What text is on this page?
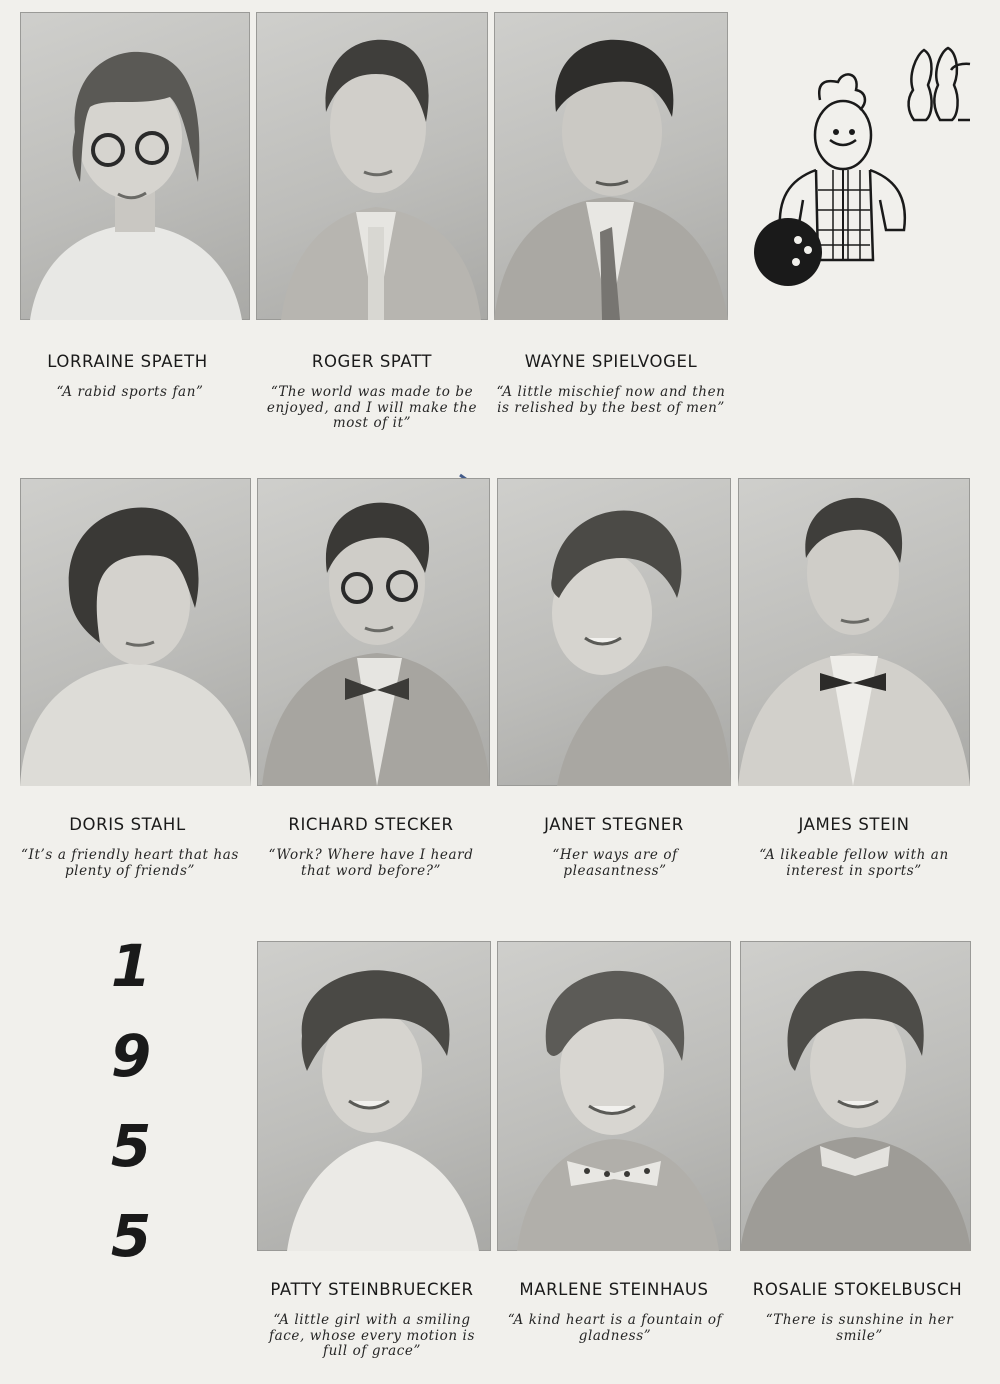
LORRAINE SPAETH
“A rabid sports fan”
ROGER SPATT
“The world was made to be enjoyed, and I will make the most of it”
WAYNE SPIELVOGEL
“A little mischief now and then is relished by the best of men”
DORIS STAHL
“It’s a friendly heart that has plenty of friends”
RICHARD STECKER
“Work? Where have I heard that word before?”
JANET STEGNER
“Her ways are of pleasantness”
JAMES STEIN
“A likeable fellow with an interest in sports”
1
9
5
5
PATTY STEINBRUECKER
“A little girl with a smiling face, whose every motion is full of grace”
MARLENE STEINHAUS
“A kind heart is a fountain of gladness”
ROSALIE STOKELBUSCH
“There is sunshine in her smile”
